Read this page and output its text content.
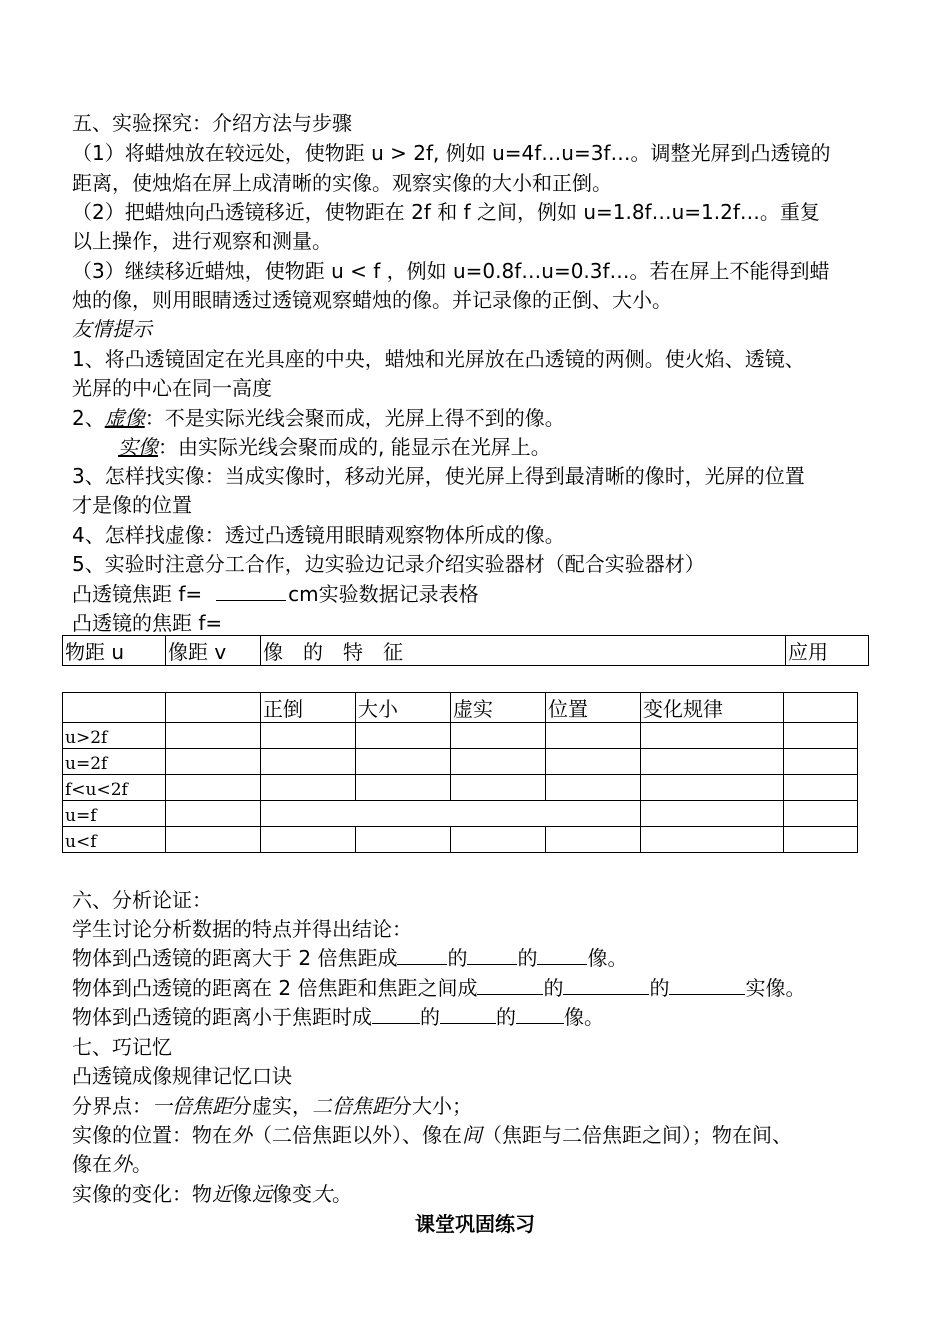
五、实验探究：介绍方法与步骤
（1）将蜡烛放在较远处，使物距 u > 2f, 例如 u=4f…u=3f…。调整光屏到凸透镜的
距离，使烛焰在屏上成清晰的实像。观察实像的大小和正倒。
（2）把蜡烛向凸透镜移近，使物距在 2f 和 f 之间，例如 u=1.8f…u=1.2f…。重复
以上操作，进行观察和测量。
（3）继续移近蜡烛，使物距 u < f ，例如 u=0.8f…u=0.3f…。若在屏上不能得到蜡
烛的像，则用眼睛透过透镜观察蜡烛的像。并记录像的正倒、大小。
友情提示
1、将凸透镜固定在光具座的中央，蜡烛和光屏放在凸透镜的两侧。使火焰、透镜、
光屏的中心在同一高度
2、虚像：不是实际光线会聚而成，光屏上得不到的像。
实像：由实际光线会聚而成的, 能显示在光屏上。
3、怎样找实像：当成实像时，移动光屏，使光屏上得到最清晰的像时，光屏的位置
才是像的位置
4、怎样找虚像：透过凸透镜用眼睛观察物体所成的像。
5、实验时注意分工合作，边实验边记录介绍实验器材（配合实验器材）
凸透镜焦距 f=	cm实验数据记录表格
凸透镜的焦距 f=
物距 u	像距 v	像　的　特　征	应用
		正倒	大小	虚实	位置	变化规律	
u>2f							
u=2f							
f<u<2f							
u=f							
u<f							
六、分析论证：
学生讨论分析数据的特点并得出结论：
物体到凸透镜的距离大于 2 倍焦距成	的	的	像。
物体到凸透镜的距离在 2 倍焦距和焦距之间成	的	的	实像。
物体到凸透镜的距离小于焦距时成 的	的 像。
七、巧记忆
凸透镜成像规律记忆口诀
分界点：一倍焦距分虚实，二倍焦距分大小；
实像的位置：物在外（二倍焦距以外）、像在间（焦距与二倍焦距之间）；物在间、
像在外。
实像的变化：物近像远像变大。
课堂巩固练习
